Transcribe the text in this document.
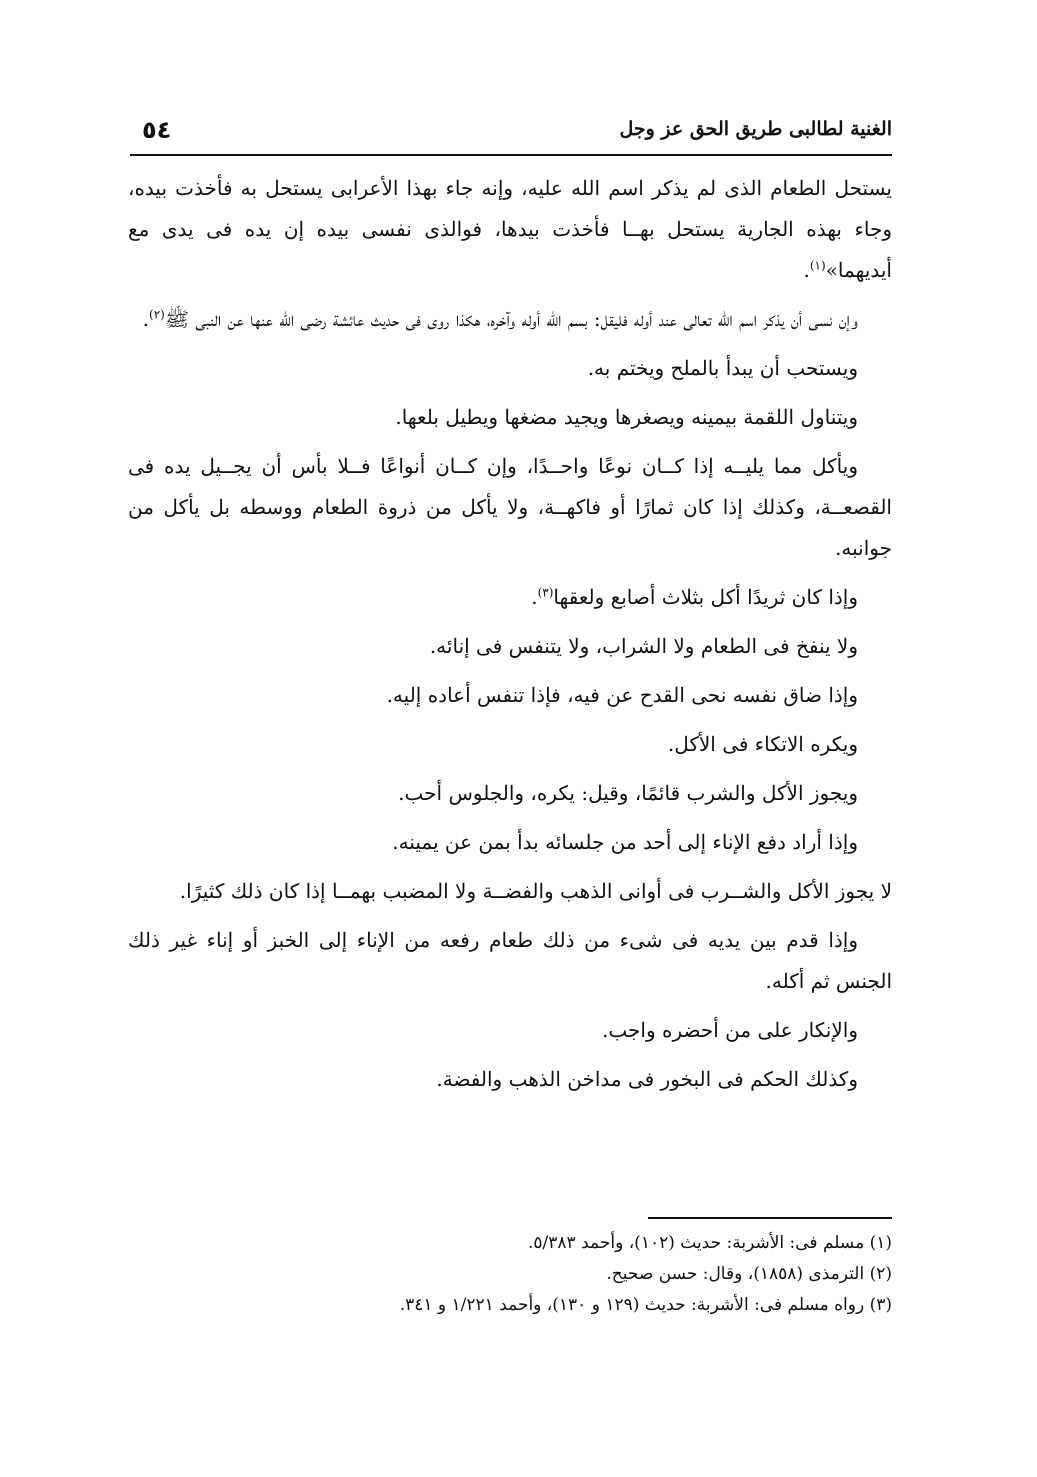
٥٤	الغنية لطالبى طريق الحق عز وجل

يستحل الطعام الذى لم يذكر اسم الله عليه، وإنه جاء بهذا الأعرابى يستحل به فأخذت بيده، وجاء بهذه الجارية يستحل بهــا فأخذت بيدها، فوالذى نفسى بيده إن يده فى يدى مع أيديهما»$^{(١)}$.

وإن نسى أن يذكر اسم الله تعالى عند أوله فليقل: بسم الله أوله وآخره، هكذا روى فى حديث عائشة رضى الله عنها عن النبى ﷺ$^{(٢)}$.

ويستحب أن يبدأ بالملح ويختم به.

ويتناول اللقمة بيمينه ويصغرها ويجيد مضغها ويطيل بلعها.

ويأكل مما يليــه إذا كــان نوعًا واحــدًا، وإن كــان أنواعًا فــلا بأس أن يجــيل يده فى القصعــة، وكذلك إذا كان ثمارًا أو فاكهــة، ولا يأكل من ذروة الطعام ووسطه بل يأكل من جوانبه.

وإذا كان ثريدًا أكل بثلاث أصابع ولعقها$^{(٣)}$.

ولا ينفخ فى الطعام ولا الشراب، ولا يتنفس فى إنائه.

وإذا ضاق نفسه نحى القدح عن فيه، فإذا تنفس أعاده إليه.

ويكره الاتكاء فى الأكل.

ويجوز الأكل والشرب قائمًا، وقيل: يكره، والجلوس أحب.

وإذا أراد دفع الإناء إلى أحد من جلسائه بدأ بمن عن يمينه.

لا يجوز الأكل والشــرب فى أوانى الذهب والفضــة ولا المضبب بهمــا إذا كان ذلك كثيرًا.

وإذا قدم بين يديه فى شىء من ذلك طعام رفعه من الإناء إلى الخبز أو إناء غير ذلك الجنس ثم أكله.

والإنكار على من أحضره واجب.

وكذلك الحكم فى البخور فى مداخن الذهب والفضة.

(١) مسلم فى: الأشربة: حديث (١٠٢)، وأحمد ٥/٣٨٣.
(٢) الترمذى (١٨٥٨)، وقال: حسن صحيح.
(٣) رواه مسلم فى: الأشربة: حديث (١٢٩ و ١٣٠)، وأحمد ١/٢٢١ و ٣٤١.
